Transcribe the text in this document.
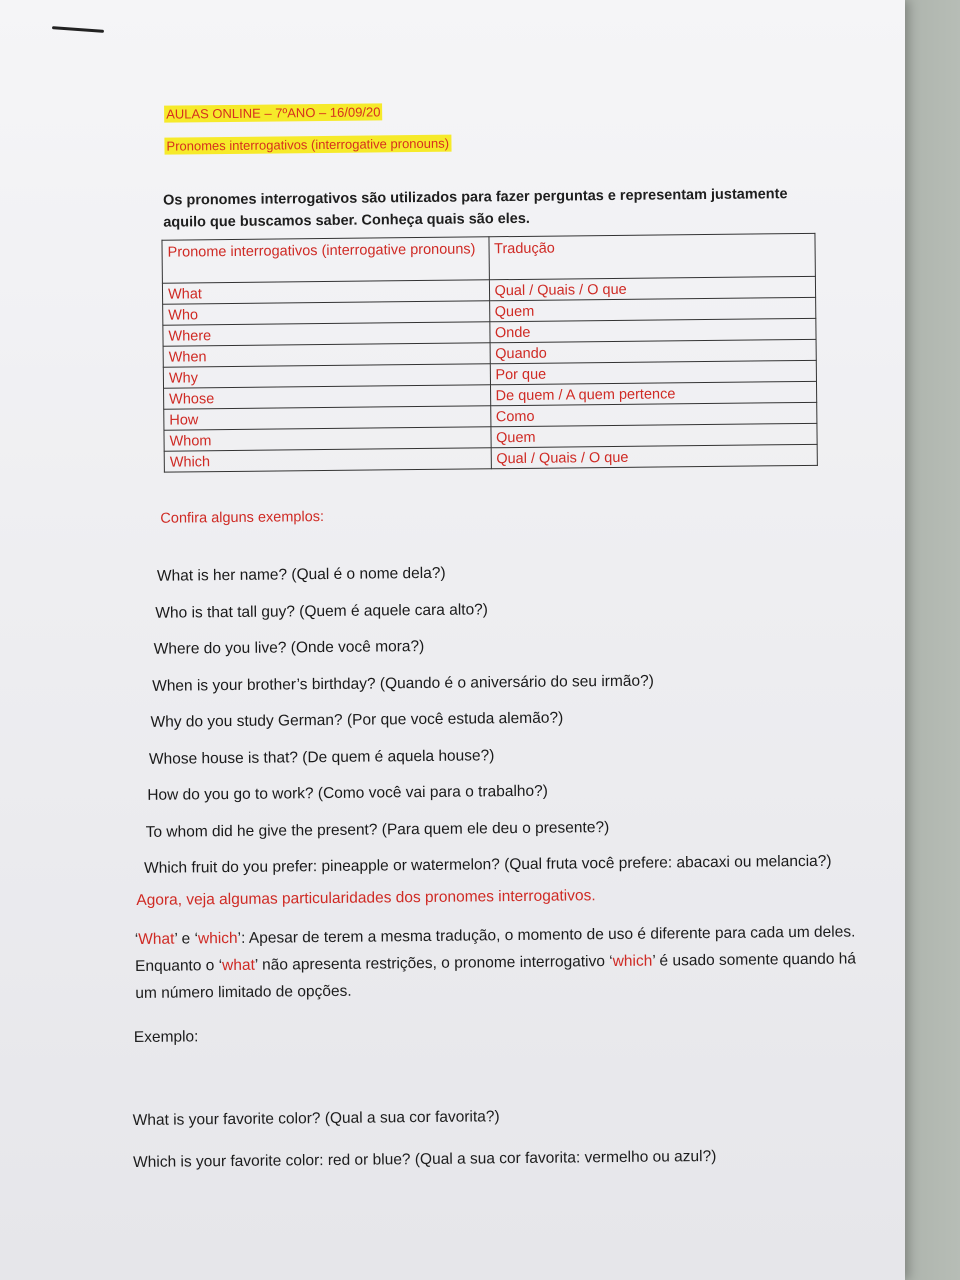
AULAS ONLINE – 7ºANO – 16/09/20
Pronomes interrogativos (interrogative pronouns)
Os pronomes interrogativos são utilizados para fazer perguntas e representam justamente aquilo que buscamos saber. Conheça quais são eles.
Pronome interrogativos (interrogative pronouns)	Tradução
What	Qual / Quais / O que
Who	Quem
Where	Onde
When	Quando
Why	Por que
Whose	De quem / A quem pertence
How	Como
Whom	Quem
Which	Qual / Quais / O que
Confira alguns exemplos:
What is her name? (Qual é o nome dela?)
Who is that tall guy? (Quem é aquele cara alto?)
Where do you live? (Onde você mora?)
When is your brother’s birthday? (Quando é o aniversário do seu irmão?)
Why do you study German? (Por que você estuda alemão?)
Whose house is that? (De quem é aquela house?)
How do you go to work? (Como você vai para o trabalho?)
To whom did he give the present? (Para quem ele deu o presente?)
Which fruit do you prefer: pineapple or watermelon? (Qual fruta você prefere: abacaxi ou melancia?)
Agora, veja algumas particularidades dos pronomes interrogativos.
‘What’ e ‘which’: Apesar de terem a mesma tradução, o momento de uso é diferente para cada um deles. Enquanto o ‘what’ não apresenta restrições, o pronome interrogativo ‘which’ é usado somente quando há um número limitado de opções.
Exemplo:
What is your favorite color? (Qual a sua cor favorita?)
Which is your favorite color: red or blue? (Qual a sua cor favorita: vermelho ou azul?)
